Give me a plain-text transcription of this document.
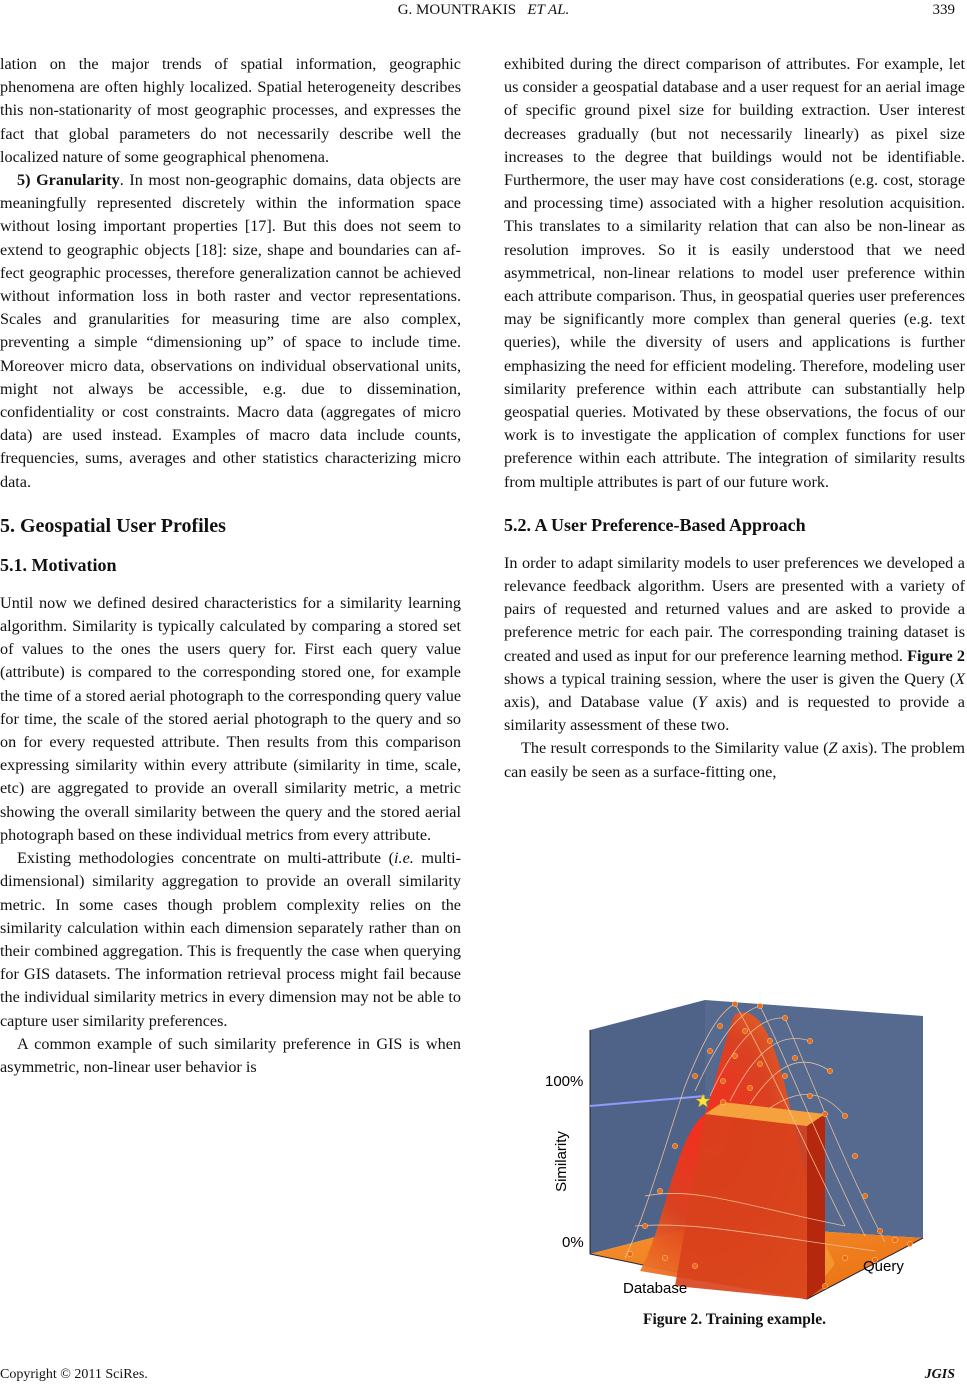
G. MOUNTRAKIS ET AL.	339

lation on the major trends of spatial information, geographic phenomena are often highly localized. Spatial heterogeneity describes this non-stationarity of most geographic processes, and expresses the fact that global parameters do not necessarily describe well the localized nature of some geographical phenomena.

5) Granularity. In most non-geographic domains, data objects are meaningfully represented discretely within the information space without losing important properties [17]. But this does not seem to extend to geographic objects [18]: size, shape and boundaries can affect geographic processes, therefore generalization cannot be achieved without information loss in both raster and vector representations. Scales and granularities for measuring time are also complex, preventing a simple “dimensioning up” of space to include time. Moreover micro data, observations on individual observational units, might not always be accessible, e.g. due to dissemination, confidentiality or cost constraints. Macro data (aggregates of micro data) are used instead. Examples of macro data include counts, frequencies, sums, averages and other statistics characterizing micro data.

5. Geospatial User Profiles
5.1. Motivation

Until now we defined desired characteristics for a similarity learning algorithm. Similarity is typically calculated by comparing a stored set of values to the ones the users query for. First each query value (attribute) is compared to the corresponding stored one, for example the time of a stored aerial photograph to the corresponding query value for time, the scale of the stored aerial photograph to the query and so on for every requested attribute. Then results from this comparison expressing similarity within every attribute (similarity in time, scale, etc) are aggregated to provide an overall similarity metric, a metric showing the overall similarity between the query and the stored aerial photograph based on these individual metrics from every attribute.

Existing methodologies concentrate on multi-attribute (i.e. multi-dimensional) similarity aggregation to provide an overall similarity metric. In some cases though problem complexity relies on the similarity calculation within each dimension separately rather than on their combined aggregation. This is frequently the case when querying for GIS datasets. The information retrieval process might fail because the individual similarity metrics in every dimension may not be able to capture user similarity preferences.

A common example of such similarity preference in GIS is when asymmetric, non-linear user behavior is

exhibited during the direct comparison of attributes. For example, let us consider a geospatial database and a user request for an aerial image of specific ground pixel size for building extraction. User interest decreases gradually (but not necessarily linearly) as pixel size increases to the degree that buildings would not be identifiable. Furthermore, the user may have cost considerations (e.g. cost, storage and processing time) associated with a higher resolution acquisition. This translates to a similarity relation that can also be non-linear as resolution improves. So it is easily understood that we need asymmetrical, non-linear relations to model user preference within each attribute comparison. Thus, in geospatial queries user preferences may be significantly more complex than general queries (e.g. text queries), while the diversity of users and applications is further emphasizing the need for efficient modeling. Therefore, modeling user similarity preference within each attribute can substantially help geospatial queries. Motivated by these observations, the focus of our work is to investigate the application of complex functions for user preference within each attribute. The integration of similarity results from multiple attributes is part of our future work.

5.2. A User Preference-Based Approach

In order to adapt similarity models to user preferences we developed a relevance feedback algorithm. Users are presented with a variety of pairs of requested and returned values and are asked to provide a preference metric for each pair. The corresponding training dataset is created and used as input for our preference learning method. Figure 2 shows a typical training session, where the user is given the Query (X axis), and Database value (Y axis) and is requested to provide a similarity assessment of these two.

The result corresponds to the Similarity value (Z axis). The problem can easily be seen as a surface-fitting one,

100%
0%
Similarity
Database
Query
Figure 2. Training example.
Copyright © 2011 SciRes.	JGIS
